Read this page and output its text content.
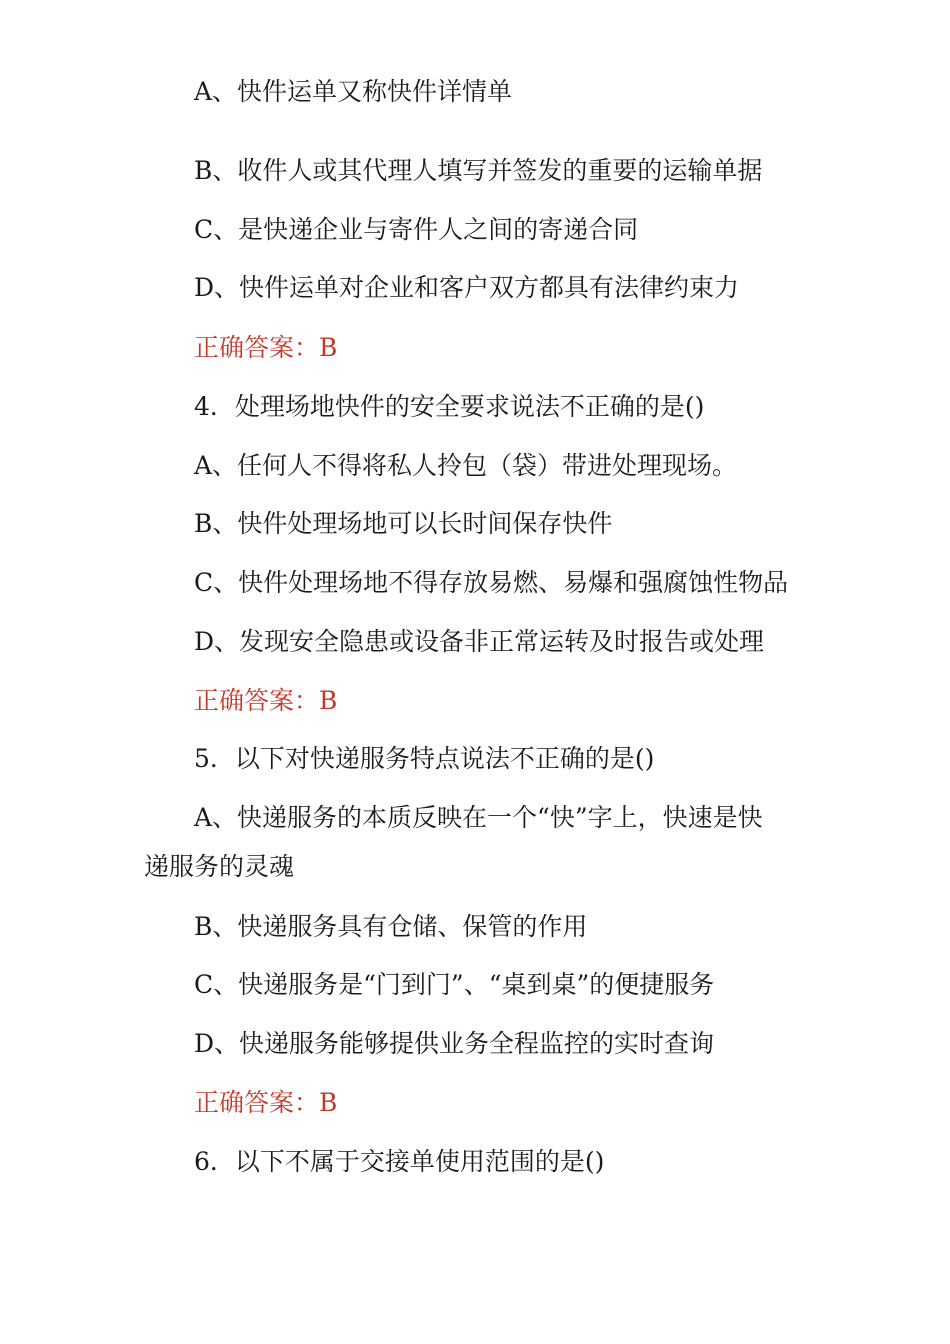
A、快件运单又称快件详情单
B、收件人或其代理人填写并签发的重要的运输单据
C、是快递企业与寄件人之间的寄递合同
D、快件运单对企业和客户双方都具有法律约束力
正确答案：B
4．处理场地快件的安全要求说法不正确的是()
A、任何人不得将私人拎包（袋）带进处理现场。
B、快件处理场地可以长时间保存快件
C、快件处理场地不得存放易燃、易爆和强腐蚀性物品
D、发现安全隐患或设备非正常运转及时报告或处理
正确答案：B
5．以下对快递服务特点说法不正确的是()
A、快递服务的本质反映在一个“快”字上，快速是快
递服务的灵魂
B、快递服务具有仓储、保管的作用
C、快递服务是“门到门”、“桌到桌”的便捷服务
D、快递服务能够提供业务全程监控的实时查询
正确答案：B
6．以下不属于交接单使用范围的是()
